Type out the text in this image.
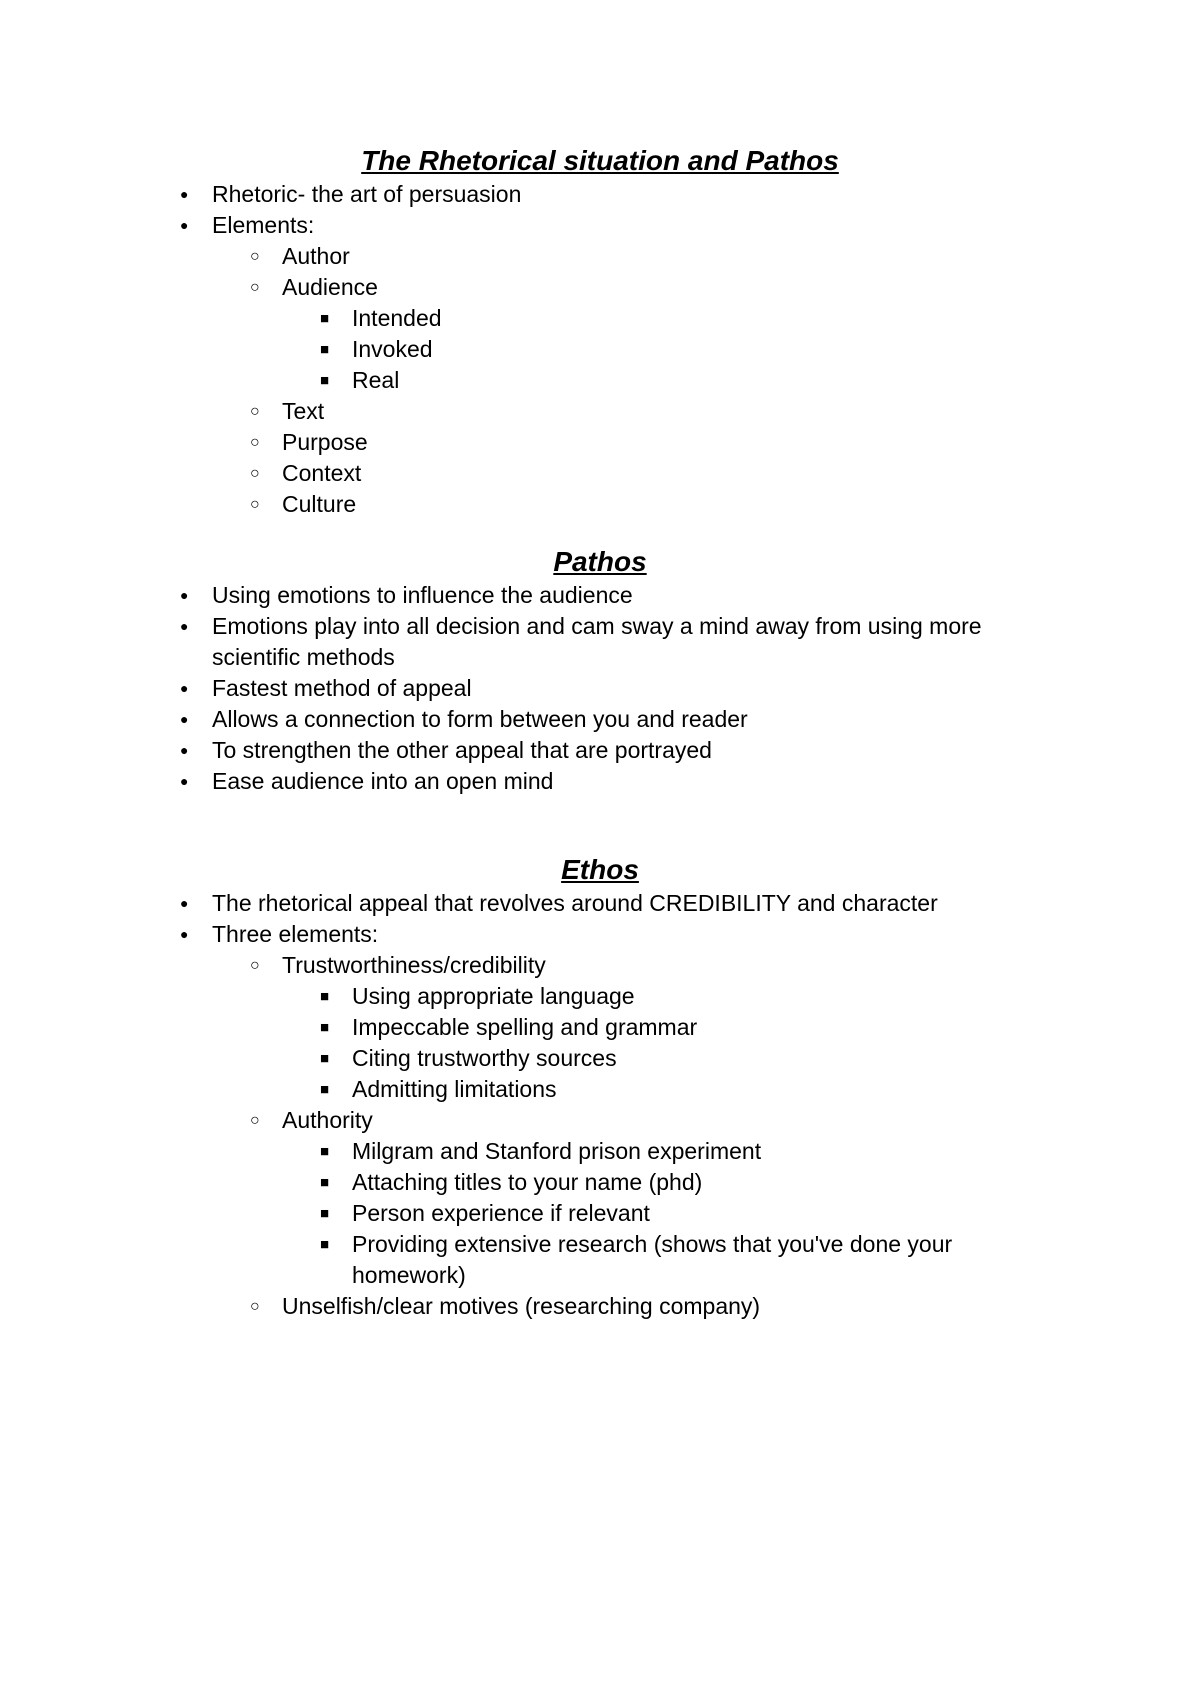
The Rhetorical situation and Pathos
●	Rhetoric- the art of persuasion
●	Elements:
○ Author
○ Audience
■ Intended
■ Invoked
■ Real
○ Text
○ Purpose
○ Context
○ Culture
Pathos
●	Using emotions to influence the audience
●	Emotions play into all decision and cam sway a mind away from using more scientific methods
●	Fastest method of appeal
●	Allows a connection to form between you and reader
●	To strengthen the other appeal that are portrayed
●	Ease audience into an open mind
Ethos
●	The rhetorical appeal that revolves around CREDIBILITY and character
●	Three elements:
○ Trustworthiness/credibility
■ Using appropriate language
■ Impeccable spelling and grammar
■ Citing trustworthy sources
■ Admitting limitations
○ Authority
■ Milgram and Stanford prison experiment
■ Attaching titles to your name (phd)
■ Person experience if relevant
■ Providing extensive research (shows that you've done your homework)
○ Unselfish/clear motives (researching company)
